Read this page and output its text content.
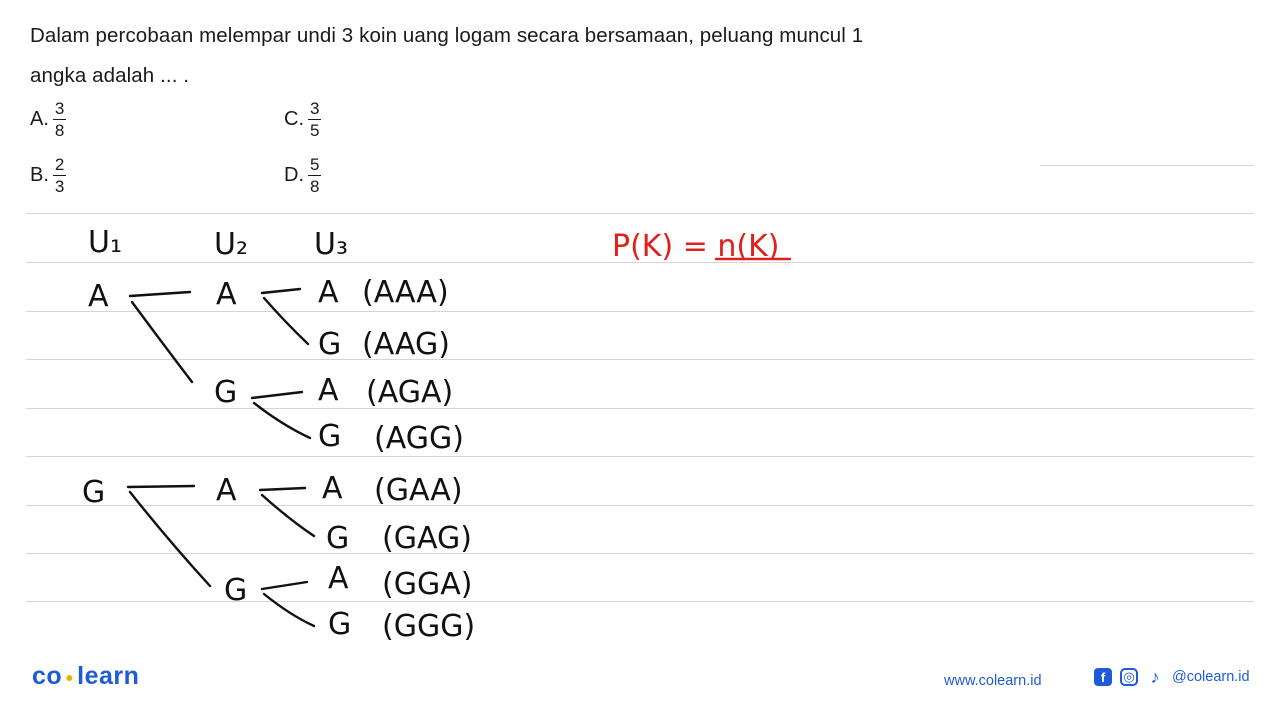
Dalam percobaan melempar undi 3 koin uang logam secara bersamaan, peluang muncul 1
angka adalah ... .
A. $\frac{3}{8}$
B. $\frac{2}{3}$
C. $\frac{3}{5}$
D. $\frac{5}{8}$
U₁	U₂ U₃
A
G
A
G
A
G
A
G
A
G
A
G
A
G
(AAA)
(AAG)
(AGA)
(AGG)
(GAA)
(GAG)
(GGA)
(GGG)
P(K) = n(K)
co ● learn	www.colearn.id	f	◎ ♪ @colearn.id
